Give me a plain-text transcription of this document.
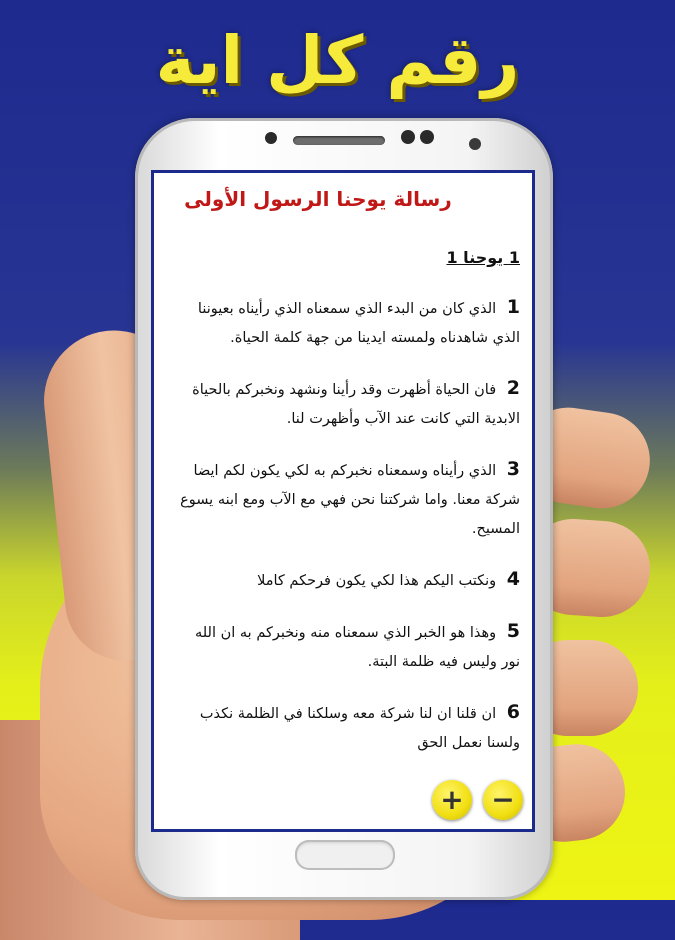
رقم كل اية
رسالة يوحنا الرسول الأولى
1 يوحنا 1
1 الذي كان من البدء الذي سمعناه الذي رأيناه بعيوننا الذي شاهدناه ولمسته ايدينا من جهة كلمة الحياة.
2 فان الحياة أظهرت وقد رأينا ونشهد ونخبركم بالحياة الابدية التي كانت عند الآب وأظهرت لنا.
3 الذي رأيناه وسمعناه نخبركم به لكي يكون لكم ايضا شركة معنا. واما شركتنا نحن فهي مع الآب ومع ابنه يسوع المسيح.
4 ونكتب اليكم هذا لكي يكون فرحكم كاملا
5 وهذا هو الخبر الذي سمعناه منه ونخبركم به ان الله نور وليس فيه ظلمة البتة.
6 ان قلنا ان لنا شركة معه وسلكنا في الظلمة نكذب ولسنا نعمل الحق
+ −
